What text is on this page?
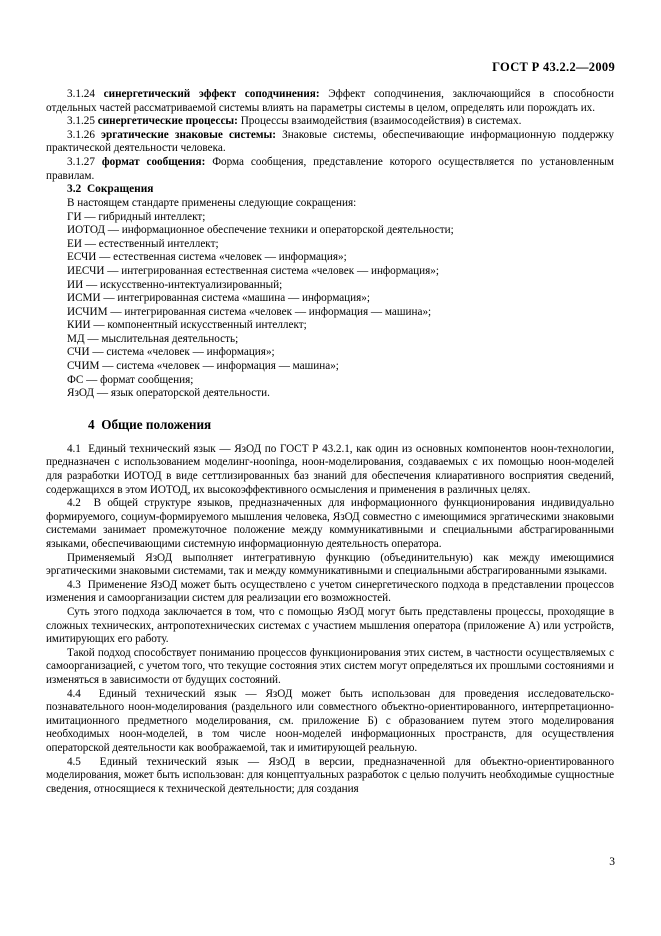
ГОСТ Р 43.2.2—2009

3.1.24 синергетический эффект соподчинения: Эффект соподчинения, заключающийся в способности отдельных частей рассматриваемой системы влиять на параметры системы в целом, определять или порождать их.

3.1.25 синергетические процессы: Процессы взаимодействия (взаимосодействия) в системах.

3.1.26 эргатические знаковые системы: Знаковые системы, обеспечивающие информационную поддержку практической деятельности человека.

3.1.27 формат сообщения: Форма сообщения, представление которого осуществляется по установленным правилам.

3.2 Сокращения

В настоящем стандарте применены следующие сокращения:

ГИ — гибридный интеллект;
ИОТОД — информационное обеспечение техники и операторской деятельности;
ЕИ — естественный интеллект;
ЕСЧИ — естественная система «человек — информация»;
ИЕСЧИ — интегрированная естественная система «человек — информация»;
ИИ — искусственно-интектуализированный;
ИСМИ — интегрированная система «машина — информация»;
ИСЧИМ — интегрированная система «человек — информация — машина»;
КИИ — компонентный искусственный интеллект;
МД — мыслительная деятельность;
СЧИ — система «человек — информация»;
СЧИМ — система «человек — информация — машина»;
ФС — формат сообщения;
ЯзОД — язык операторской деятельности.

4 Общие положения

4.1 Единый технический язык — ЯзОД по ГОСТ Р 43.2.1, как один из основных компонентов ноон-технологии, предназначен с использованием моделинг-нооninga, ноон-моделирования, создаваемых с их помощью ноон-моделей для разработки ИОТОД в виде сеттлизированных баз знаний для обеспечения клиаративного восприятия сведений, содержащихся в этом ИОТОД, их высокоэффективного осмысления и применения в различных целях.

4.2 В общей структуре языков, предназначенных для информационного функционирования индивидуально формируемого, социум-формируемого мышления человека, ЯзОД совместно с имеющимися эргатическими знаковыми системами занимает промежуточное положение между коммуникативными и специальными абстрагированными языками, обеспечивающими системную информационную деятельность оператора.

Применяемый ЯзОД выполняет интегративную функцию (объединительную) как между имеющимися эргатическими знаковыми системами, так и между коммуникативными и специальными абстрагированными языками.

4.3 Применение ЯзОД может быть осуществлено с учетом синергетического подхода в представлении процессов изменения и самоорганизации систем для реализации его возможностей.

Суть этого подхода заключается в том, что с помощью ЯзОД могут быть представлены процессы, проходящие в сложных технических, антропотехнических системах с участием мышления оператора (приложение А) или устройств, имитирующих его работу.

Такой подход способствует пониманию процессов функционирования этих систем, в частности осуществляемых с самоорганизацией, с учетом того, что текущие состояния этих систем могут определяться их прошлыми состояниями и изменяться в зависимости от будущих состояний.

4.4 Единый технический язык — ЯзОД может быть использован для проведения исследовательско-познавательного ноон-моделирования (раздельного или совместного объектно-ориентированного, интерпретационно-имитационного предметного моделирования, см. приложение Б) с образованием путем этого моделирования необходимых ноон-моделей, в том числе ноон-моделей информационных пространств, для осуществления операторской деятельности как воображаемой, так и имитирующей реальную.

4.5 Единый технический язык — ЯзОД в версии, предназначенной для объектно-ориентированного моделирования, может быть использован: для концептуальных разработок с целью получить необходимые сущностные сведения, относящиеся к технической деятельности; для создания

3
